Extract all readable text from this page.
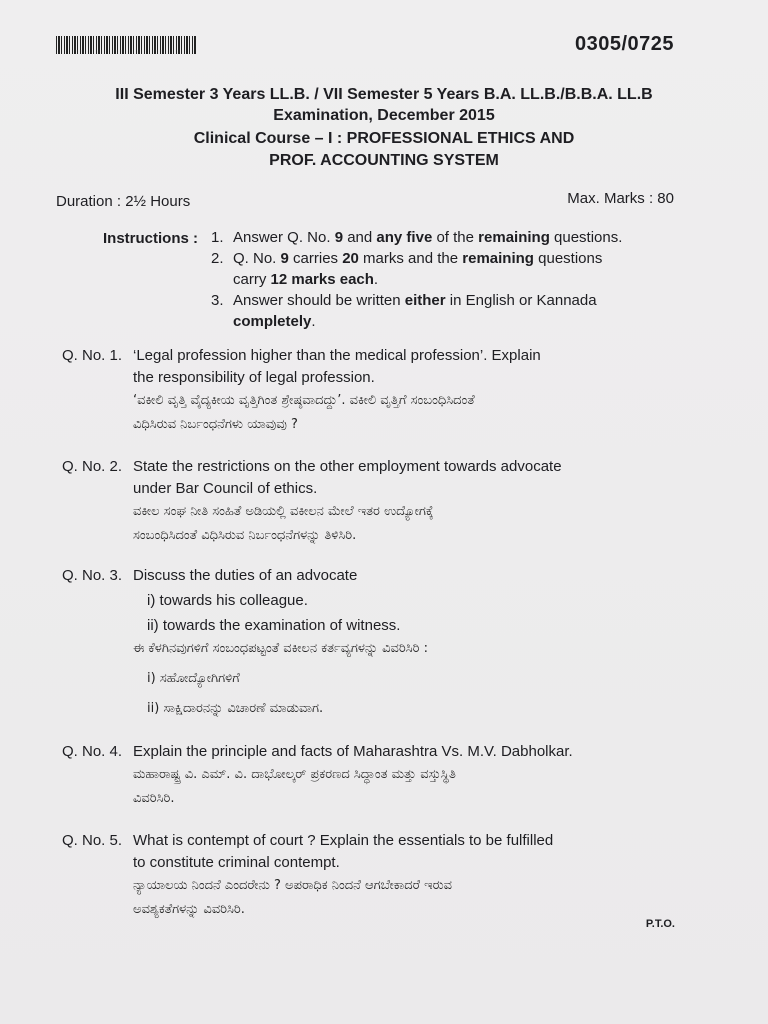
0305/0725
III Semester 3 Years LL.B. / VII Semester 5 Years B.A. LL.B./B.B.A. LL.B
Examination, December 2015
Clinical Course – I : PROFESSIONAL ETHICS AND
PROF. ACCOUNTING SYSTEM
Duration : 2½ Hours	Max. Marks : 80
Instructions : 1. Answer Q. No. 9 and any five of the remaining questions.
2. Q. No. 9 carries 20 marks and the remaining questions
carry 12 marks each.
3. Answer should be written either in English or Kannada
completely.
Q. No. 1. ‘Legal profession higher than the medical profession’. Explain
the responsibility of legal profession.
‘ವಕೀಲಿ ವೃತ್ತಿ ವೈದ್ಯಕೀಯ ವೃತ್ತಿಗಿಂತ ಶ್ರೇಷ್ಠವಾದದ್ದು’. ವಕೀಲಿ ವೃತ್ತಿಗೆ ಸಂಬಂಧಿಸಿದಂತೆ
ವಿಧಿಸಿರುವ ನಿರ್ಬಂಧನೆಗಳು ಯಾವುವು ?
Q. No. 2. State the restrictions on the other employment towards advocate
under Bar Council of ethics.
ವಕೀಲ ಸಂಘ ನೀತಿ ಸಂಹಿತೆ ಅಡಿಯಲ್ಲಿ ವಕೀಲನ ಮೇಲೆ ಇತರ ಉದ್ಯೋಗಕ್ಕೆ
ಸಂಬಂಧಿಸಿದಂತೆ ವಿಧಿಸಿರುವ ನಿರ್ಬಂಧನೆಗಳನ್ನು ತಿಳಿಸಿರಿ.
Q. No. 3. Discuss the duties of an advocate
i) towards his colleague.
ii) towards the examination of witness.
ಈ ಕೆಳಗಿನವುಗಳಿಗೆ ಸಂಬಂಧಪಟ್ಟಂತೆ ವಕೀಲನ ಕರ್ತವ್ಯಗಳನ್ನು ವಿವರಿಸಿರಿ :
i) ಸಹೋದ್ಯೋಗಿಗಳಿಗೆ
ii) ಸಾಕ್ಷಿದಾರನನ್ನು ವಿಚಾರಣೆ ಮಾಡುವಾಗ.
Q. No. 4. Explain the principle and facts of Maharashtra Vs. M.V. Dabholkar.
ಮಹಾರಾಷ್ಟ್ರ ವಿ. ಎಮ್. ವಿ. ದಾಭೋಲ್ಕರ್ ಪ್ರಕರಣದ ಸಿದ್ಧಾಂತ ಮತ್ತು ವಸ್ತುಸ್ಥಿತಿ
ವಿವರಿಸಿರಿ.
Q. No. 5. What is contempt of court ? Explain the essentials to be fulfilled
to constitute criminal contempt.
ನ್ಯಾಯಾಲಯ ನಿಂದನೆ ಎಂದರೇನು ? ಅಪರಾಧಿಕ ನಿಂದನೆ ಆಗಬೇಕಾದರೆ ಇರುವ
ಅವಶ್ಯಕತೆಗಳನ್ನು ವಿವರಿಸಿರಿ.
P.T.O.
